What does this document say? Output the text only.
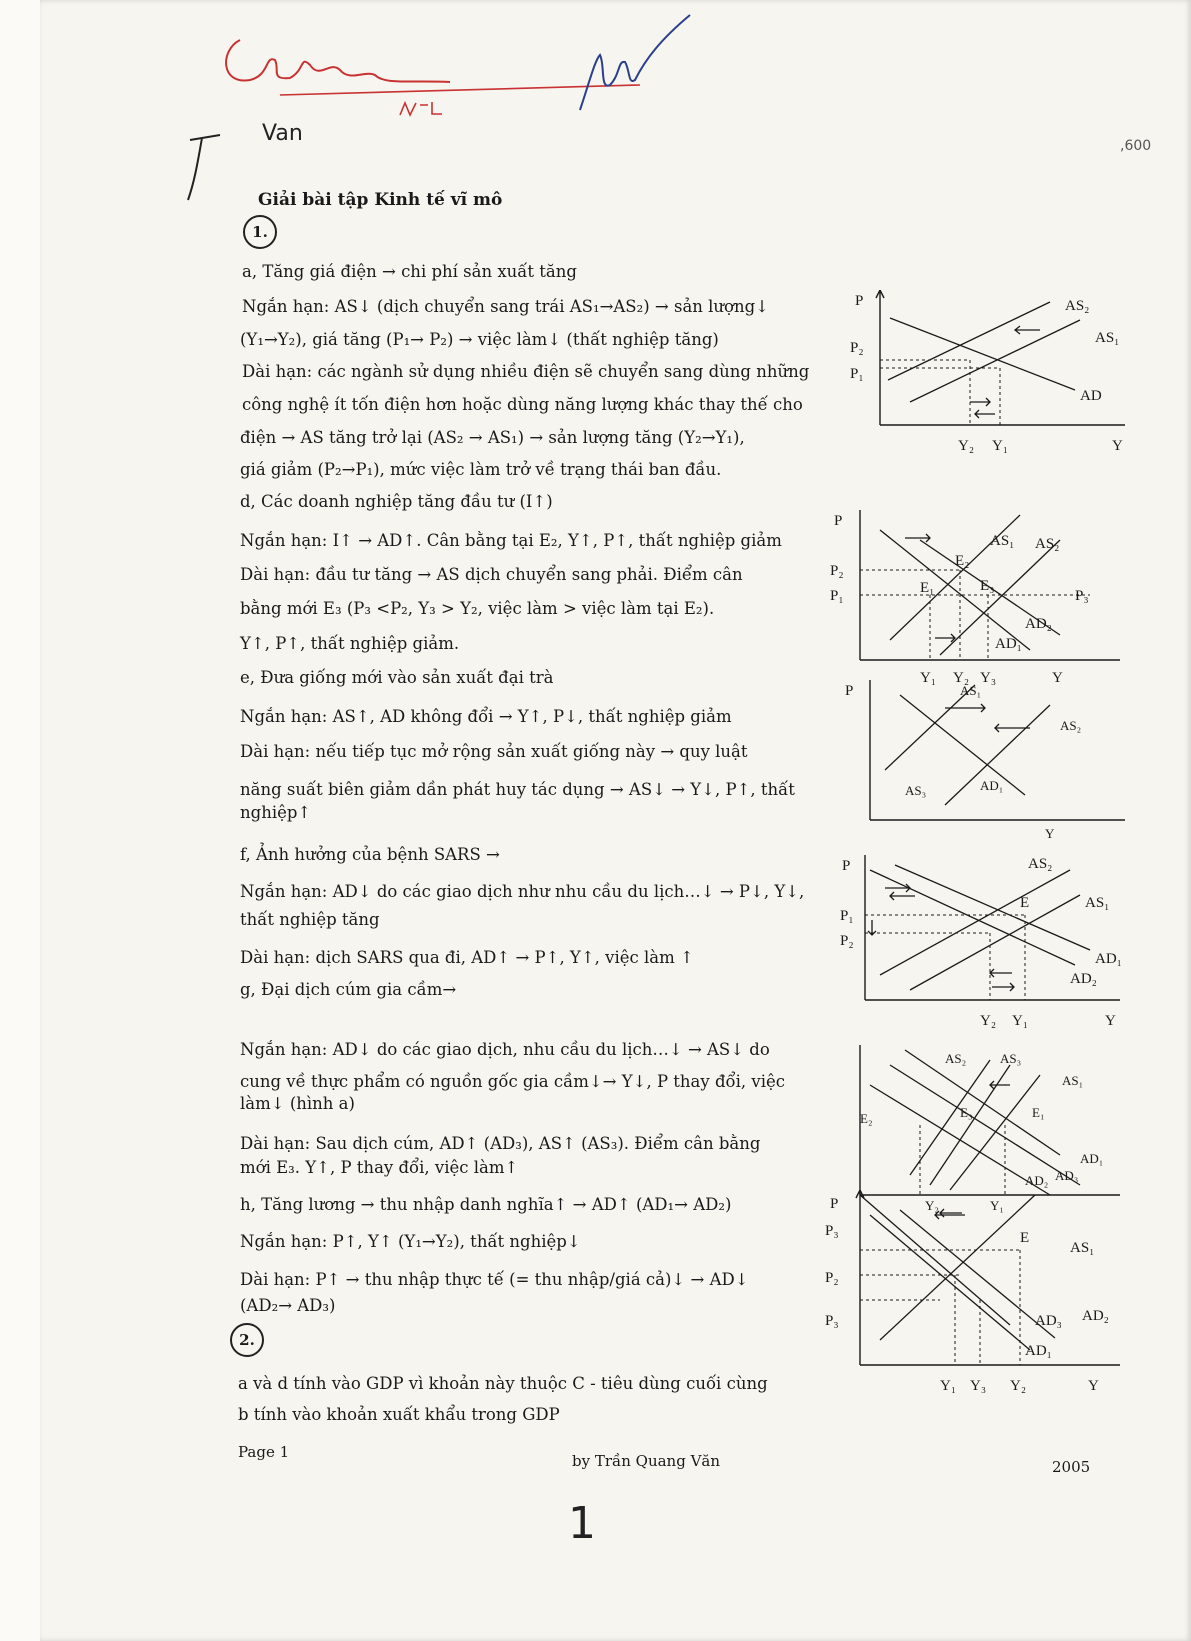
Van	,600
Giải bài tập Kinh tế vĩ mô
1.
a, Tăng giá điện → chi phí sản xuất tăng
Ngắn hạn: AS↓ (dịch chuyển sang trái AS₁→AS₂) → sản lượng↓
(Y₁→Y₂), giá tăng (P₁→ P₂) → việc làm↓ (thất nghiệp tăng)
Dài hạn: các ngành sử dụng nhiều điện sẽ chuyển sang dùng những
công nghệ ít tốn điện hơn hoặc dùng năng lượng khác thay thế cho
điện → AS tăng trở lại (AS₂ → AS₁) → sản lượng tăng (Y₂→Y₁),
giá giảm (P₂→P₁), mức việc làm trở về trạng thái ban đầu.
d, Các doanh nghiệp tăng đầu tư (I↑)
Ngắn hạn: I↑ → AD↑. Cân bằng tại E₂, Y↑, P↑, thất nghiệp giảm
Dài hạn: đầu tư tăng → AS dịch chuyển sang phải. Điểm cân
bằng mới E₃ (P₃ <P₂, Y₃ > Y₂, việc làm > việc làm tại E₂).
Y↑, P↑, thất nghiệp giảm.
e, Đưa giống mới vào sản xuất đại trà
Ngắn hạn: AS↑, AD không đổi → Y↑, P↓, thất nghiệp giảm
Dài hạn: nếu tiếp tục mở rộng sản xuất giống này → quy luật
năng suất biên giảm dần phát huy tác dụng → AS↓ → Y↓, P↑, thất
nghiệp↑
f, Ảnh hưởng của bệnh SARS →
Ngắn hạn: AD↓ do các giao dịch như nhu cầu du lịch…↓ → P↓, Y↓,
thất nghiệp tăng
Dài hạn: dịch SARS qua đi, AD↑ → P↑, Y↑, việc làm ↑
g, Đại dịch cúm gia cầm→
Ngắn hạn: AD↓ do các giao dịch, nhu cầu du lịch…↓ → AS↓ do
cung về thực phẩm có nguồn gốc gia cầm↓→ Y↓, P thay đổi, việc
làm↓ (hình a)
Dài hạn: Sau dịch cúm, AD↑ (AD₃), AS↑ (AS₃). Điểm cân bằng
mới E₃. Y↑, P thay đổi, việc làm↑
h, Tăng lương → thu nhập danh nghĩa↑ → AD↑ (AD₁→ AD₂)
Ngắn hạn: P↑, Y↑ (Y₁→Y₂), thất nghiệp↓
Dài hạn: P↑ → thu nhập thực tế (= thu nhập/giá cả)↓ → AD↓
(AD₂→ AD₃)
2.
a và d tính vào GDP vì khoản này thuộc C - tiêu dùng cuối cùng
b tính vào khoản xuất khẩu trong GDP
Page 1	by Trần Quang Văn	2005
1
P
P₂
P₁
AS₂
AS₁
AD
Y₂ Y₁	Y
P
P₂
P₁
AS₁ AS₂
E₂
E₁	E₃
P₃
AD₂
AD₁
Y₁ Y₂ Y₃	Y
P	AS₁
AS₂
AS₃	AD₁
Y
P	AS₂
E	AS₁
P₁
P₂
AD₁
AD₂
Y₂ Y₁	Y
AS₂	AS₃
AS₁
E₂	E₃	E₁
AD₁
AD₂ AD₃
Y₂	Y₁
P
P₃	E
AS₁
P₂
AD₃ AD₂
P₃
AD₁
Y₁ Y₃ Y₂	Y
